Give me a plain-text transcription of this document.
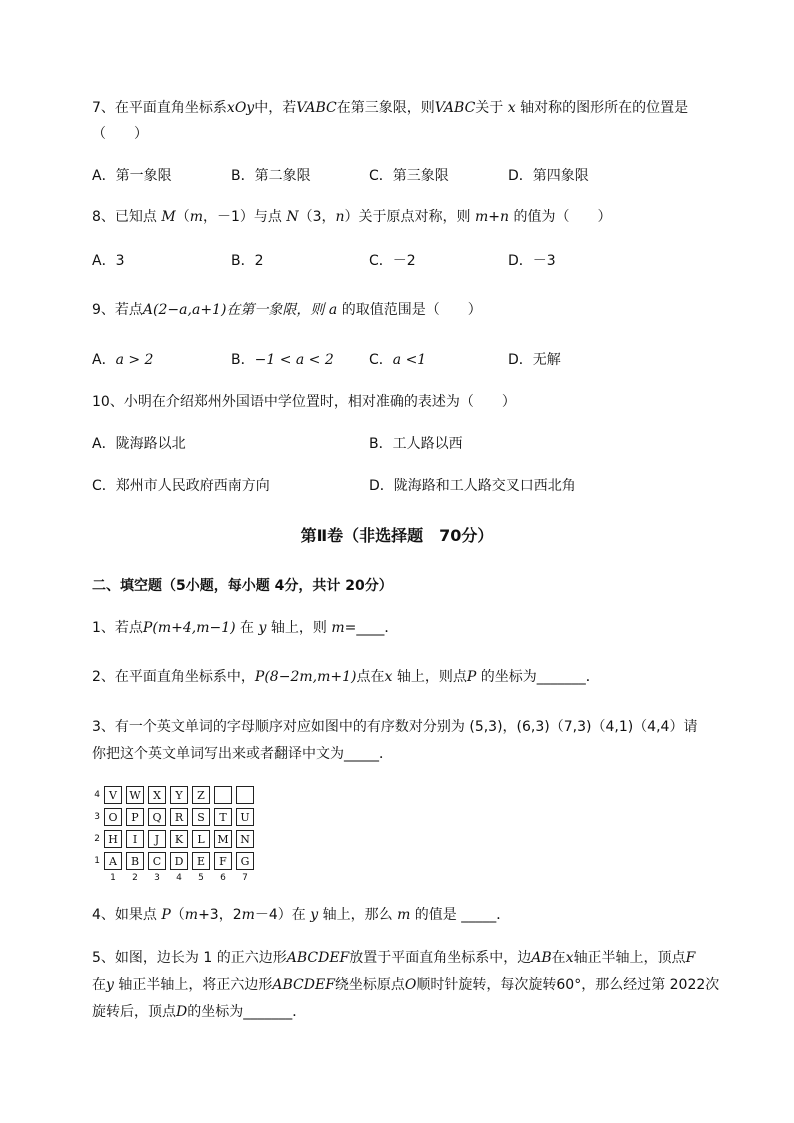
7、在平面直角坐标系xOy中，若VABC在第三象限，则VABC关于 x 轴对称的图形所在的位置是
（　　）
A．第一象限	B．第二象限	C．第三象限	D．第四象限
8、已知点 M（m，－1）与点 N（3，n）关于原点对称，则 m+n 的值为（　　）
A．3	B．2	C．－2	D．－3
9、若点A(2−a,a+1)在第一象限，则 a 的取值范围是（　　）
A．a > 2	B．−1 < a < 2	C．a <1	D．无解
10、小明在介绍郑州外国语中学位置时，相对准确的表述为（　　）
A．陇海路以北	B．工人路以西
C．郑州市人民政府西南方向	D．陇海路和工人路交叉口西北角
第Ⅱ卷（非选择题　70分）
二、填空题（5小题，每小题 4分，共计 20分）
1、若点P(m+4,m−1) 在 y 轴上，则 m=____．
2、在平面直角坐标系中，P(8−2m,m+1)点在x 轴上，则点P 的坐标为_______．
3、有一个英文单词的字母顺序对应如图中的有序数对分别为 (5,3)，(6,3)（7,3)（4,1)（4,4）请
你把这个英文单词写出来或者翻译中文为_____．
4 V	W	X	Y	Z
3 O	P	Q	R	S	T	U
2 H	I	J	K	L	M	N
1 A	B	C	D	E	F	G
1	2	3	4	5	6	7
4、如果点 P（m+3，2m－4）在 y 轴上，那么 m 的值是 _____．
5、如图，边长为 1 的正六边形ABCDEF放置于平面直角坐标系中，边AB在x轴正半轴上，顶点F
在y 轴正半轴上，将正六边形ABCDEF绕坐标原点O顺时针旋转，每次旋转60°，那么经过第 2022次
旋转后，顶点D的坐标为_______．
